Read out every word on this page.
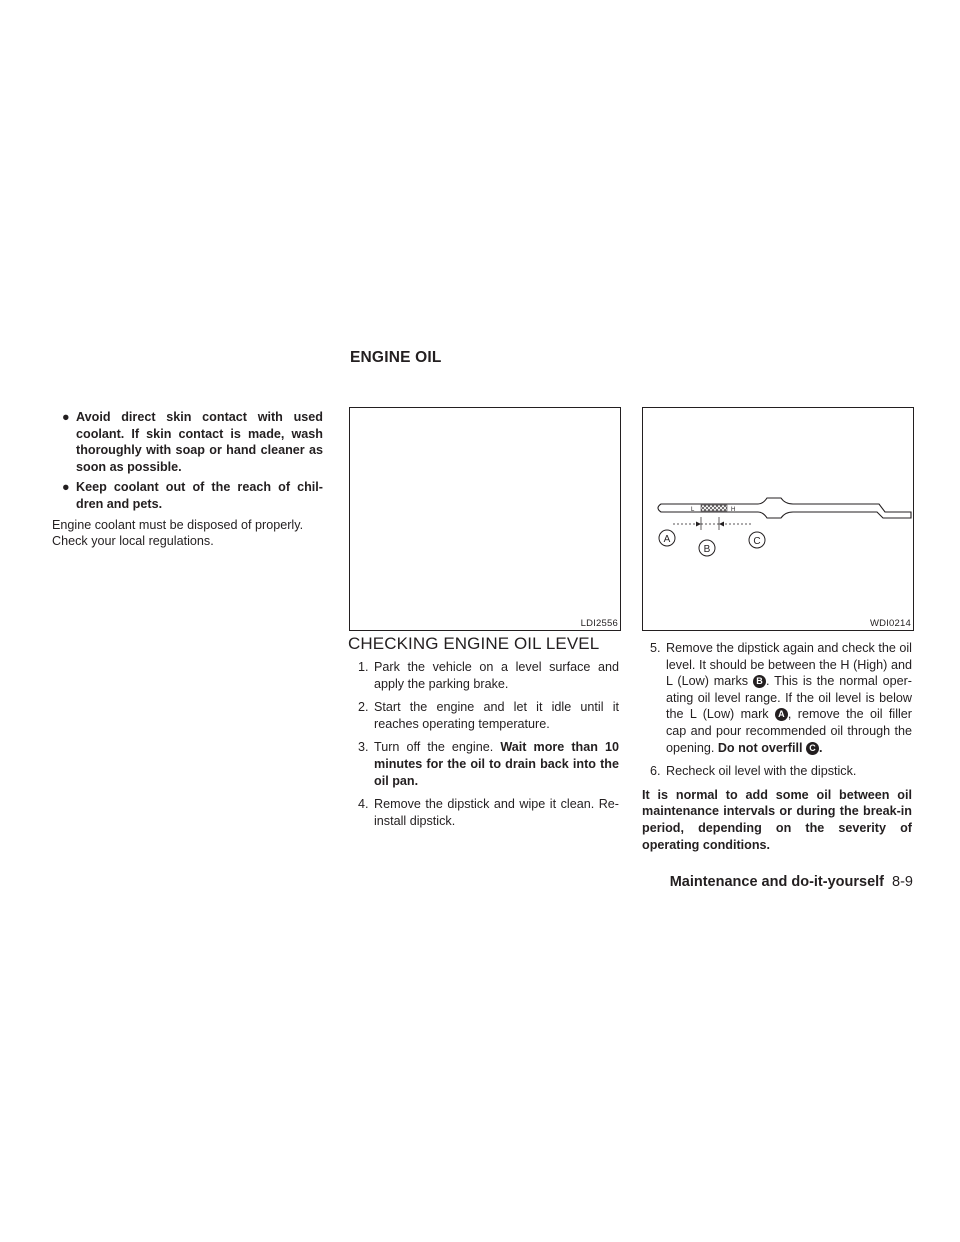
ENGINE OIL
● Avoid direct skin contact with used coolant. If skin contact is made, wash thoroughly with soap or hand cleaner as soon as possible.
● Keep coolant out of the reach of chil-dren and pets.

Engine coolant must be disposed of properly. Check your local regulations.

LDI2556
L	H
A
B
C
WDI0214
CHECKING ENGINE OIL LEVEL
1. Park the vehicle on a level surface and apply the parking brake.
2. Start the engine and let it idle until it reaches operating temperature.
3. Turn off the engine. Wait more than 10 minutes for the oil to drain back into the oil pan.
4. Remove the dipstick and wipe it clean. Re-install dipstick.
5. Remove the dipstick again and check the oil level. It should be between the H (High) and L (Low) marks B . This is the normal oper-ating oil level range. If the oil level is below the L (Low) mark A , remove the oil filler cap and pour recommended oil through the opening. Do not overfill C .
6. Recheck oil level with the dipstick.

It is normal to add some oil between oil maintenance intervals or during the break-in period, depending on the severity of operating conditions.

Maintenance and do-it-yourself 8-9
